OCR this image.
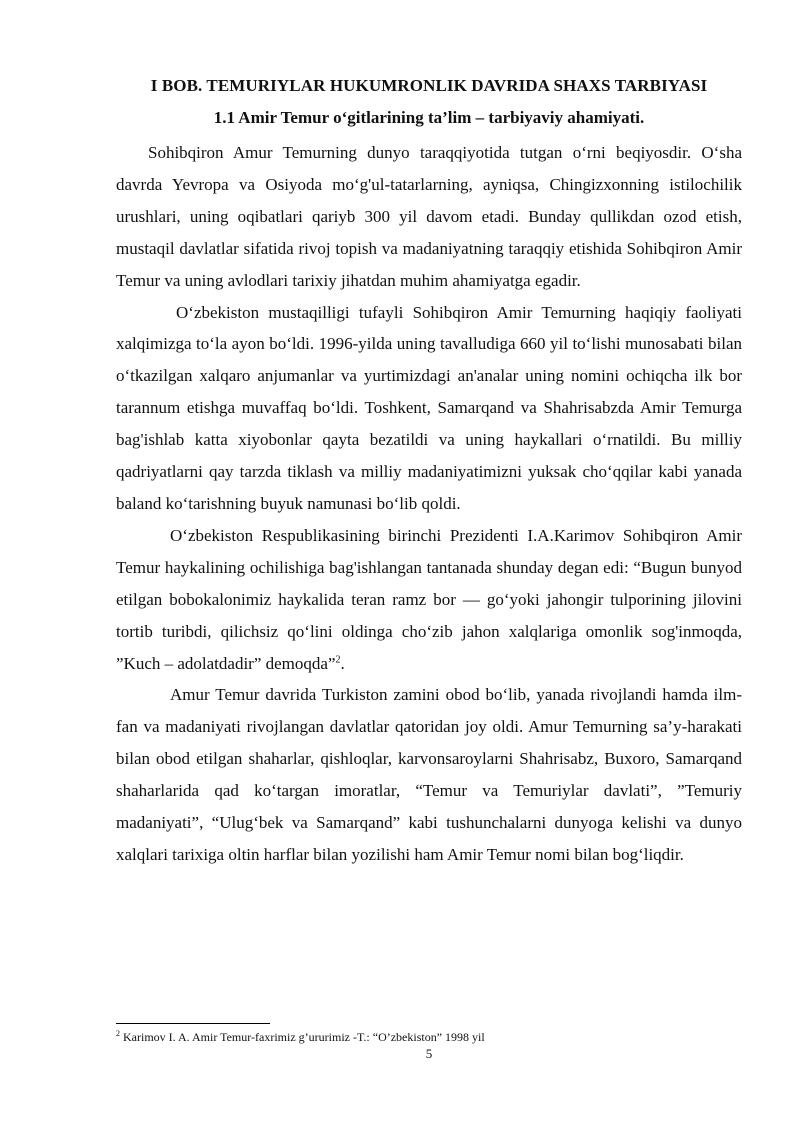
I BOB. TEMURIYLAR HUKUMRONLIK DAVRIDA SHAXS TARBIYASI
1.1 Amir Temur o‘gitlarining ta’lim – tarbiyaviy ahamiyati.

Sohibqiron Amur Temurning dunyo taraqqiyotida tutgan o‘rni beqiyosdir. O‘sha davrda Yevropa va Osiyoda mo‘g'ul-tatarlarning, ayniqsa, Chingizxonning istilochilik urushlari, uning oqibatlari qariyb 300 yil davom etadi. Bunday qullikdan ozod etish, mustaqil davlatlar sifatida rivoj topish va madaniyatning taraqqiy etishida Sohibqiron Amir Temur va uning avlodlari tarixiy jihatdan muhim ahamiyatga egadir.

O‘zbekiston mustaqilligi tufayli Sohibqiron Amir Temurning haqiqiy faoliyati xalqimizga to‘la ayon bo‘ldi. 1996-yilda uning tavalludiga 660 yil to‘lishi munosabati bilan o‘tkazilgan xalqaro anjumanlar va yurtimizdagi an'analar uning nomini ochiqcha ilk bor tarannum etishga muvaffaq bo‘ldi. Toshkent, Samarqand va Shahrisabzda Amir Temurga bag'ishlab katta xiyobonlar qayta bezatildi va uning haykallari o‘rnatildi. Bu milliy qadriyatlarni qay tarzda tiklash va milliy madaniyatimizni yuksak cho‘qqilar kabi yanada baland ko‘tarishning buyuk namunasi bo‘lib qoldi.

O‘zbekiston Respublikasining birinchi Prezidenti I.A.Karimov Sohibqiron Amir Temur haykalining ochilishiga bag'ishlangan tantanada shunday degan edi: “Bugun bunyod etilgan bobokalonimiz haykalida teran ramz bor — go‘yoki jahongir tulporining jilovini tortib turibdi, qilichsiz qo‘lini oldinga cho‘zib jahon xalqlariga omonlik sog'inmoqda, ”Kuch – adolatdadir” demoqda”$^2$.

Amur Temur davrida Turkiston zamini obod bo‘lib, yanada rivojlandi hamda ilm-fan va madaniyati rivojlangan davlatlar qatoridan joy oldi. Amur Temurning sa’y-harakati bilan obod etilgan shaharlar, qishloqlar, karvonsaroylarni Shahrisabz, Buxoro, Samarqand shaharlarida qad ko‘targan imoratlar, “Temur va Temuriylar davlati”, ”Temuriy madaniyati”, “Ulug‘bek va Samarqand” kabi tushunchalarni dunyoga kelishi va dunyo xalqlari tarixiga oltin harflar bilan yozilishi ham Amir Temur nomi bilan bog‘liqdir.

$^2$ Karimov I. A. Amir Temur-faxrimiz g’ururimiz -T.: “O’zbekiston” 1998 yil
5
